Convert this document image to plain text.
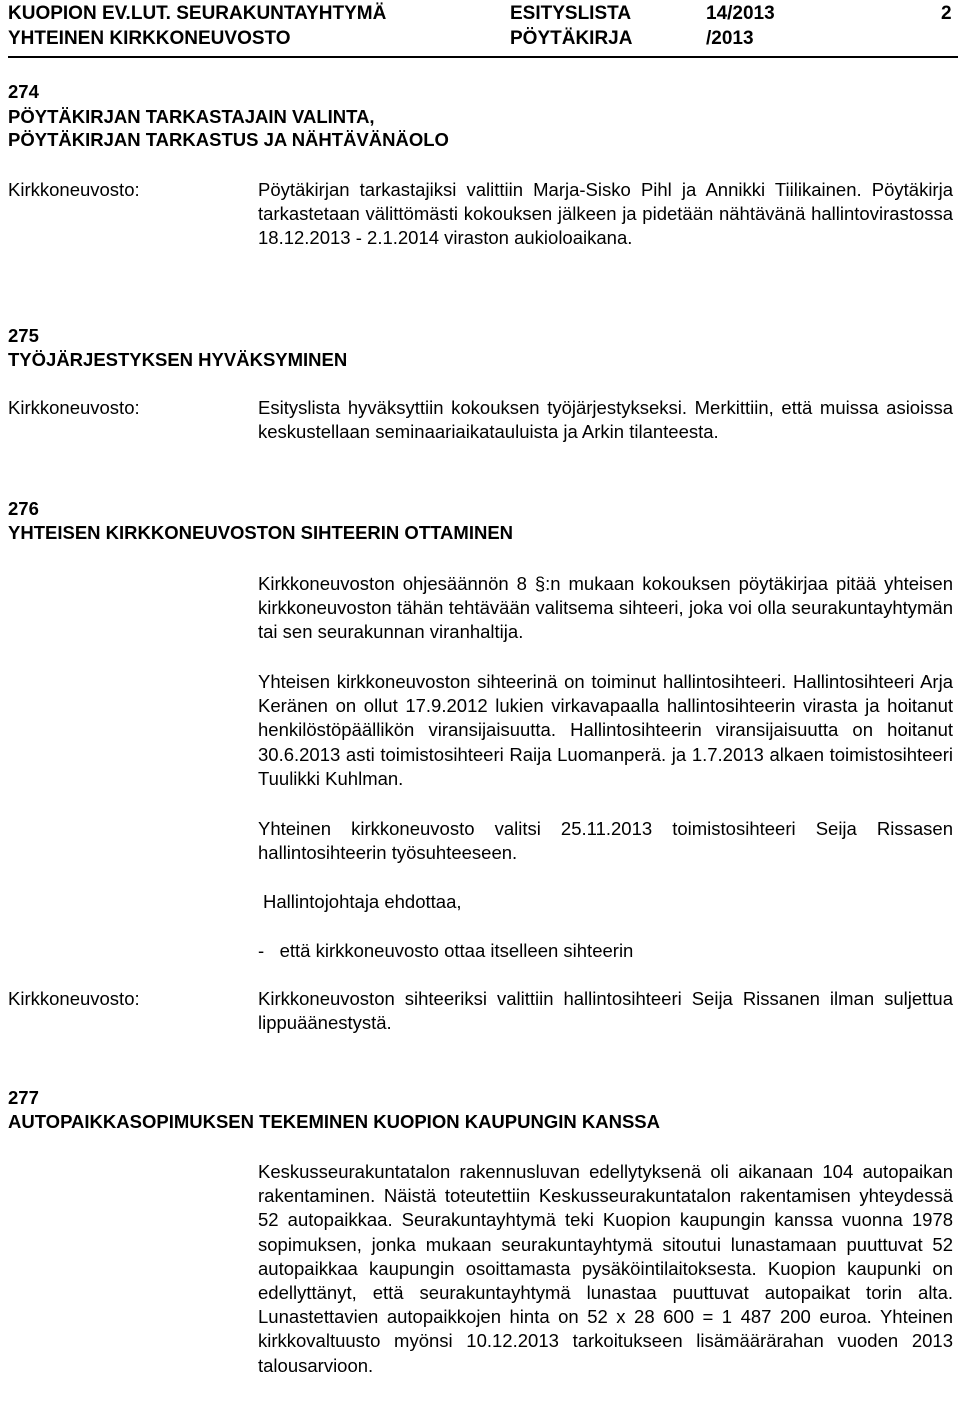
KUOPION EV.LUT. SEURAKUNTAYHTYMÄ
YHTEINEN KIRKKONEUVOSTO
ESITYSLISTA
PÖYTÄKIRJA
14/2013
/2013
2
274
PÖYTÄKIRJAN TARKASTAJAIN VALINTA,
PÖYTÄKIRJAN TARKASTUS JA NÄHTÄVÄNÄOLO
Kirkkoneuvosto:	Pöytäkirjan tarkastajiksi valittiin Marja-Sisko Pihl ja Annikki Tiilikainen. Pöytäkirja tarkastetaan välittömästi kokouksen jälkeen ja pidetään nähtävänä hallintovirastossa 18.12.2013 - 2.1.2014 viraston aukioloaikana.
275
TYÖJÄRJESTYKSEN HYVÄKSYMINEN
Kirkkoneuvosto:	Esityslista hyväksyttiin kokouksen työjärjestykseksi. Merkittiin, että muissa asioissa keskustellaan seminaariaikatauluista ja Arkin tilanteesta.
276
YHTEISEN KIRKKONEUVOSTON SIHTEERIN OTTAMINEN
Kirkkoneuvoston ohjesäännön 8 §:n mukaan kokouksen pöytäkirjaa pitää yhteisen kirkkoneuvoston tähän tehtävään valitsema sihteeri, joka voi olla seurakuntayhtymän tai sen seurakunnan viranhaltija.
Yhteisen kirkkoneuvoston sihteerinä on toiminut hallintosihteeri. Hallintosihteeri Arja Keränen on ollut 17.9.2012 lukien virkavapaalla hallintosihteerin virasta ja hoitanut henkilöstöpäällikön viransijaisuutta. Hallintosihteerin viransijaisuutta on hoitanut 30.6.2013 asti toimistosihteeri Raija Luomanperä. ja 1.7.2013 alkaen toimistosihteeri Tuulikki Kuhlman.
Yhteinen kirkkoneuvosto valitsi 25.11.2013 toimistosihteeri Seija Rissasen hallintosihteerin työsuhteeseen.
Hallintojohtaja ehdottaa,
-   että kirkkoneuvosto ottaa itselleen sihteerin
Kirkkoneuvosto:	Kirkkoneuvoston sihteeriksi valittiin hallintosihteeri Seija Rissanen ilman suljettua lippuäänestystä.
277
AUTOPAIKKASOPIMUKSEN TEKEMINEN KUOPION KAUPUNGIN KANSSA
Keskusseurakuntatalon rakennusluvan edellytyksenä oli aikanaan 104 autopaikan rakentaminen. Näistä toteutettiin Keskusseurakuntatalon rakentamisen yhteydessä 52 autopaikkaa. Seurakuntayhtymä teki Kuopion kaupungin kanssa vuonna 1978 sopimuksen, jonka mukaan seurakuntayhtymä sitoutui lunastamaan puuttuvat 52 autopaikkaa kaupungin osoittamasta pysäköintilaitoksesta. Kuopion kaupunki on edellyttänyt, että seurakuntayhtymä lunastaa puuttuvat autopaikat torin alta. Lunastettavien autopaikkojen hinta on 52 x 28 600 = 1 487 200 euroa. Yhteinen kirkkovaltuusto myönsi 10.12.2013 tarkoitukseen lisämäärärahan vuoden 2013 talousarvioon.
